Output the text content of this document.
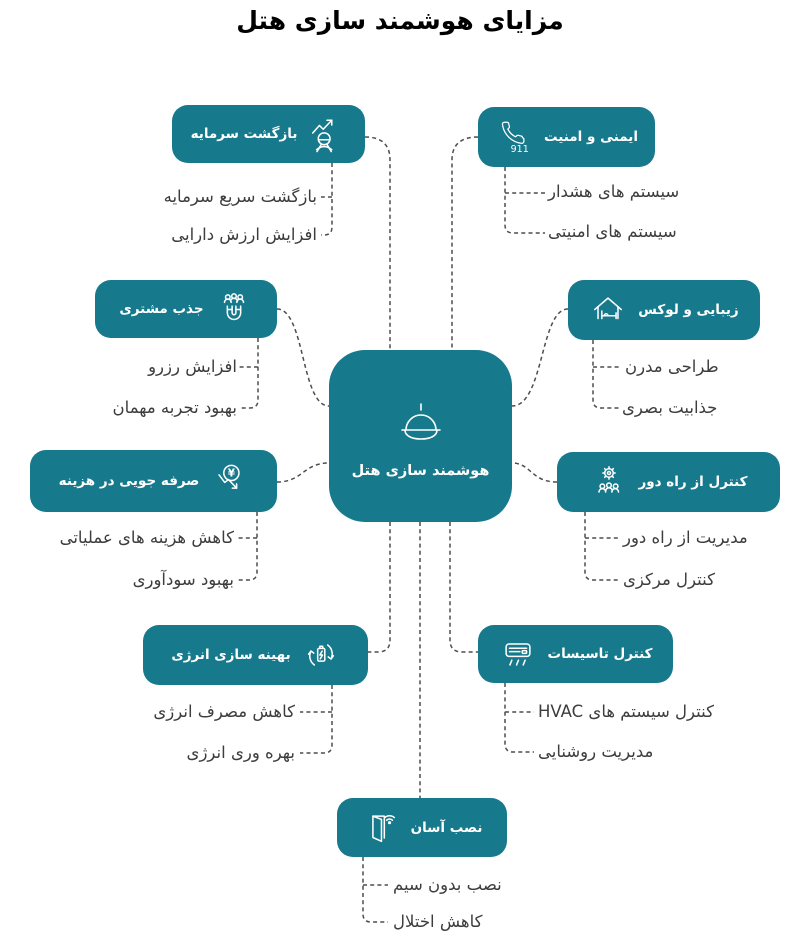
مزایای هوشمند سازی هتل
هوشمند سازی هتل
بازگشت سرمایه
بازگشت سریع سرمایه
افزایش ارزش دارایی
911
ایمنی و امنیت
سیستم های هشدار
سیستم های امنیتی
جذب مشتری
افزایش رزرو
بهبود تجربه مهمان
زیبایی و لوکس
طراحی مدرن
جذابیت بصری
صرفه جویی در هزینه	¥
کاهش هزینه های عملیاتی
بهبود سودآوری
کنترل از راه دور
مدیریت از راه دور
کنترل مرکزی
بهینه سازی انرژی
کاهش مصرف انرژی
بهره وری انرژی
کنترل تاسیسات
کنترل سیستم های HVAC
مدیریت روشنایی
نصب آسان
نصب بدون سیم
کاهش اختلال
